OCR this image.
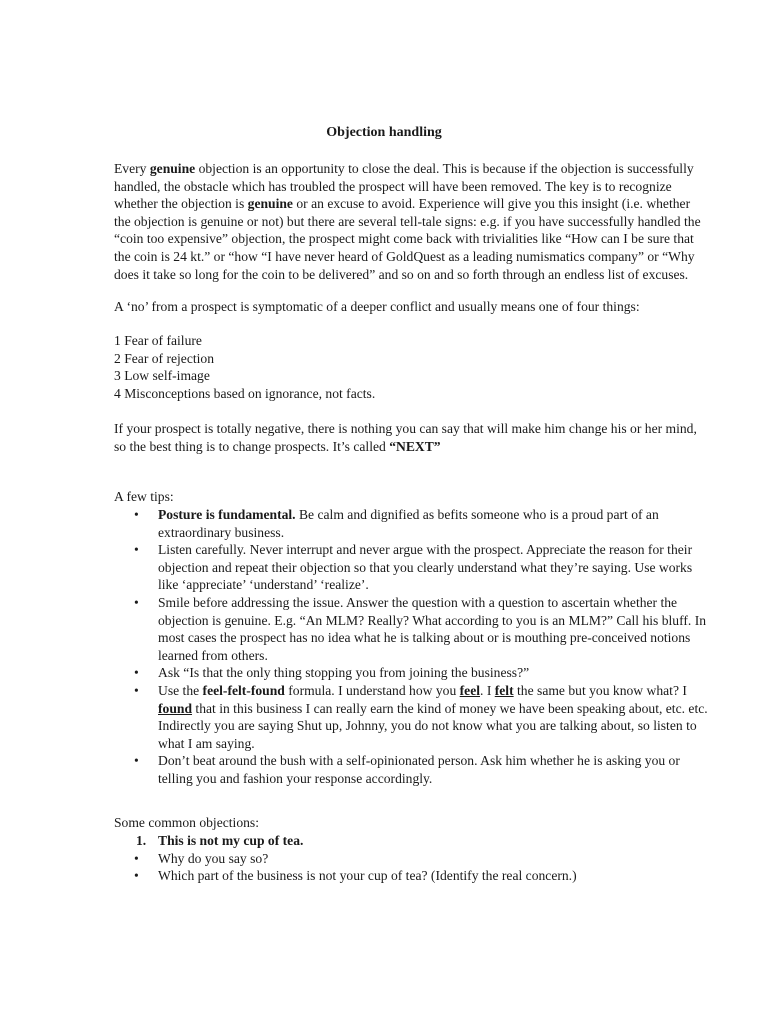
Objection handling
Every genuine objection is an opportunity to close the deal. This is because if the objection is successfully
handled, the obstacle which has troubled the prospect will have been removed. The key is to recognize
whether the objection is genuine or an excuse to avoid. Experience will give you this insight (i.e. whether
the objection is genuine or not) but there are several tell-tale signs: e.g. if you have successfully handled the
“coin too expensive” objection, the prospect might come back with trivialities like “How can I be sure that
the coin is 24 kt.” or “how “I have never heard of GoldQuest as a leading numismatics company” or “Why
does it take so long for the coin to be delivered” and so on and so forth through an endless list of excuses.
A ‘no’ from a prospect is symptomatic of a deeper conflict and usually means one of four things:
1 Fear of failure
2 Fear of rejection
3 Low self-image
4 Misconceptions based on ignorance, not facts.
If your prospect is totally negative, there is nothing you can say that will make him change his or her mind,
so the best thing is to change prospects. It’s called “NEXT”
A few tips:
• Posture is fundamental. Be calm and dignified as befits someone who is a proud part of an
extraordinary business.
• Listen carefully. Never interrupt and never argue with the prospect. Appreciate the reason for their
objection and repeat their objection so that you clearly understand what they’re saying. Use works
like ‘appreciate’ ‘understand’ ‘realize’.
• Smile before addressing the issue. Answer the question with a question to ascertain whether the
objection is genuine. E.g. “An MLM? Really? What according to you is an MLM?” Call his bluff. In
most cases the prospect has no idea what he is talking about or is mouthing pre-conceived notions
learned from others.
• Ask “Is that the only thing stopping you from joining the business?”
• Use the feel-felt-found formula. I understand how you feel. I felt the same but you know what? I
found that in this business I can really earn the kind of money we have been speaking about, etc. etc.
Indirectly you are saying Shut up, Johnny, you do not know what you are talking about, so listen to
what I am saying.
• Don’t beat around the bush with a self-opinionated person. Ask him whether he is asking you or
telling you and fashion your response accordingly.
Some common objections:
1. This is not my cup of tea.
• Why do you say so?
• Which part of the business is not your cup of tea? (Identify the real concern.)
